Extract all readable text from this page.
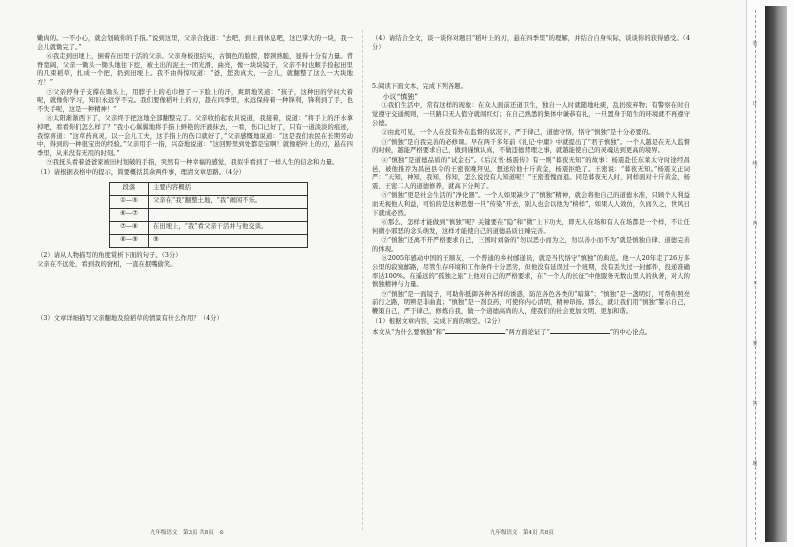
嫩肉的。一不小心，就会划破你的手指。”说到这里，父亲合拢道：“去吧，到上面休息吧，这巴掌大的一块，我一会儿就锄完了。”

⑥我走到田埂上，倒着在田里干活的父亲。父亲身板很结实，古铜色的脸膛，脖颈熟脆，显得十分有力量。背脊宽阔，父亲一锄头一锄头地往下挖，被土出的泥土一团光滑，曲亮，像一块块镜子，父亲不时也顺手捡起田里的几束稻草，扎成一个把，扔到田埂上。我不由得惊叹道：“爸，您劲真大，一会儿，就翻整了这么一大块地方！”

⑦父亲停身子支撑在锄头上，用脖子上的毛巾擦了一下脸上的汗，爽朗地笑道：“孩子，这种田的学问大着呢，就像你学习，知识永远学不完。我们要像稻叶上的刃，趁在四季里，永远保持着一种锋利，锋利到了手，也不失手呢，这是一种精神！”

⑧太阳渐渐西下了，父亲终于把这地全部翻整完了。父亲收拾起农具说道，我接着，说道：“将手上的汗水拿掉吧，看看你们怎么样了？”我小心翼翼地将手指上鲜艳的汗液抹去，一看，伤口已好了，只有一道淡淡的痕迹，我惊喜道：“这草药真灵，以一会儿工夫，这手指上的伤口就好了，”父亲感慨地说道：“这是我们农民在长期劳动中，得到的一种很宝贵的经验。”父亲用手一指，兴奋地说道：“这回野里到处都是宝啊！就像稻叶上的刃，悬在四季里，从来没有无用的时刻。”

⑨我抚头看着爸爸家被田村划破的手指，突然有一种幸福的感觉，我似乎看到了一样人生的信念和力量。

（1）请根据表格中的提示，简要概括其余两件事，理清文章思路。（4分）

段落	主要内容概括
①—⑤	父亲在“我”翻整土地，“我”闹闲不乐。
⑥—⑦	
⑦—⑧	在田埂上，“我”看父亲干活并与他交谈。
⑧—⑨	⑨

（2）请从人物描写的角度赏析下面的句子。（3分）

父亲在不远处，看到我的窘相，一直在抿嘴偷笑。

（3）文章详细描写父亲翻地及捡稻草的情景有什么作用？（4分）

（4）请结合全文，谈一谈你对题目“稻叶上的刃，悬在四季里”的理解，并结合自身实际，谈谈你的获得感受。（4分）

5.阅读下面文本，完成下列各题。

小议“慎独”

①我们生活中，常有这样的现象：在众人面前还道卫生，独自一人时就随地吐痰，乱扔废弃物；有警察在时自觉遵守交通规则，一旦路口无人值守就闯红灯；在自己熟悉的集体中谦恭有礼，一旦置身于陌生的环境就不再遵守公德。

②由此可见，一个人在没有外在监督的状况下，严于律己，道德守恪，恪守“慎独”是十分必要的。

③“慎独”是自我完善的必修课。早在两千多年前《礼记·中庸》中就提出了“君子慎独”。一个人越是在无人监督的时候，越能严格要求自己，做到谨慎认真，不做违德背理之事，就越能使自己的灵魂达到更高的境界。

④“慎独”是道德品质的“试金石”。《后汉书·杨震传》有一则“暮夜无知”的故事：杨震赴任东莱太守时途经昌邑，被他推荐为昌邑县令的王密夜晚拜见，想送给他十斤黄金，杨震拒绝了。王密说：“暮夜无知。”杨震义正词严：“天知，神知，我知，你知，怎么说没有人知道呢！”王密羞愧而退。同是暮夜无人时，同样面对十斤黄金，杨震、王密二人的道德修养，就高下分判了。

⑤“慎独”更是社会生活的“净化器”。一个人如果缺少了“慎独”精神，就会将他自己的道德水准，只顾个人利益而无视他人利益，可怕的是这种思想一旦“传染”开去，别人也会以他为“榜样”，如果人人效仿，久而久之，世风日下就成必然。

⑥那么，怎样才能做到“慎独”呢？关键要在“隐”和“微”上下功夫，即无人在场和有人在场都是一个样，不让任何微小邪恶的念头萌发，这样才能使自己的道德品质日臻完善。

⑦“慎独”还离不开严格要求自己，三国时刘备的“勿以恶小而为之，勿以善小而不为”就是慎独自律、道德完善的体现。

⑧2005年感动中国的王顺友，一个普通的乡村邮递员，就是当代恪守“慎独”的典范。他一人20年走了26万多公里的寂寞邮路，尽管生存环境和工作条件十分恶劣，但他没有延误过一个班期，没有丢失过一封邮件，投递准确率达100%。在遥远的“孤独之旅”上他对自己的严格要求，在“一个人的长征”中他服务无数山里人的执著，对人的慎独精神与力量。

⑨“慎独”是一面镜子，可助你抵御各种各样的诱惑，防范各色各类的“暗算”；“慎独”是一盏明灯，可帮你照亮前行之路，明辨是非曲直；“慎独”是一剂良药，可使你内心清明，精神昂扬。那么，就让我们用“慎独”警示自己，鞭策自己，严于律己，修炼自我，做一个道德高尚的人，使我们的社会更加文明，更加和谐。

（1）根据文章内容，完成下面的填空。（2分）

本文从“为什么要慎独”和“	”两方面论证了“	”的中心论点。

九年级语文　第3页 共8页　⊙	九年级语文　第4页 共8页
装
订
线
内
不
要
答
题
